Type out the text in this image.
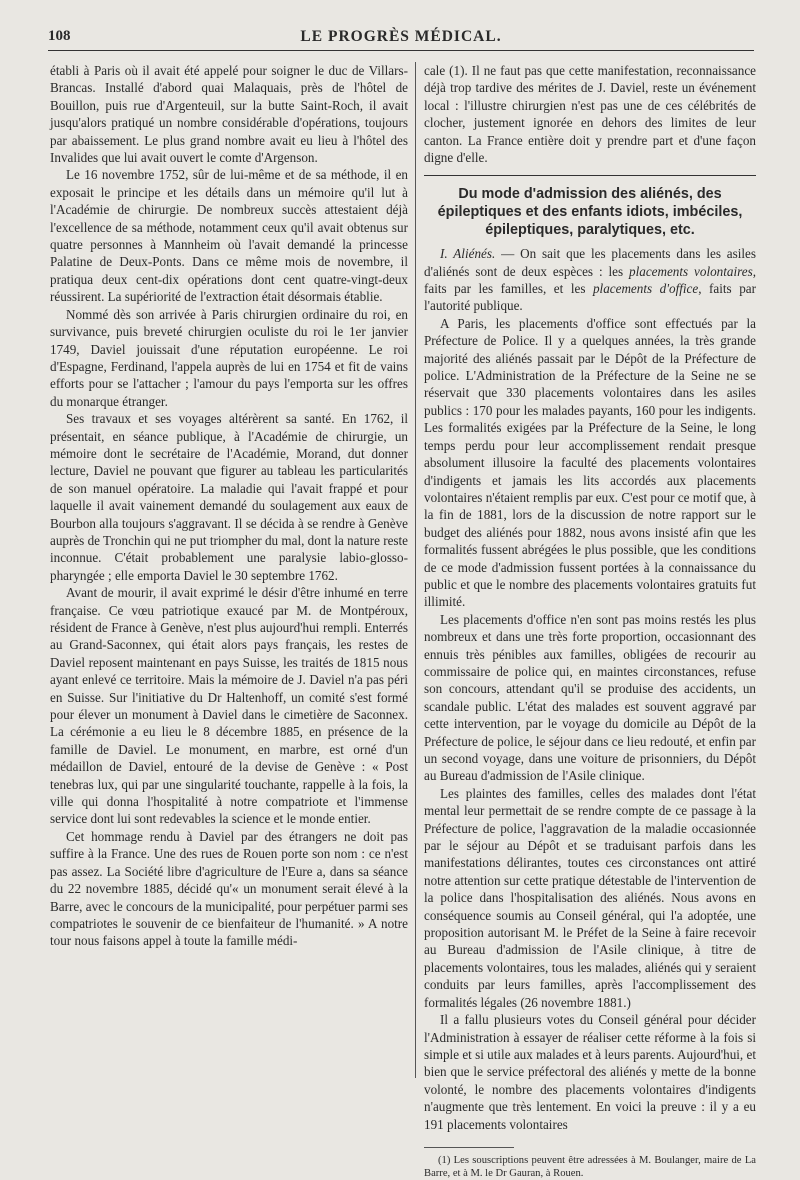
108	LE PROGRÈS MÉDICAL.

établi à Paris où il avait été appelé pour soigner le duc de Villars-Brancas. Installé d'abord quai Malaquais, près de l'hôtel de Bouillon, puis rue d'Argenteuil, sur la butte Saint-Roch, il avait jusqu'alors pratiqué un nombre considérable d'opérations, toujours par abaissement. Le plus grand nombre avait eu lieu à l'hôtel des Invalides que lui avait ouvert le comte d'Argenson.

Le 16 novembre 1752, sûr de lui-même et de sa méthode, il en exposait le principe et les détails dans un mémoire qu'il lut à l'Académie de chirurgie. De nombreux succès attestaient déjà l'excellence de sa méthode, notamment ceux qu'il avait obtenus sur quatre personnes à Mannheim où l'avait demandé la princesse Palatine de Deux-Ponts. Dans ce même mois de novembre, il pratiqua deux cent-dix opérations dont cent quatre-vingt-deux réussirent. La supériorité de l'extraction était désormais établie.

Nommé dès son arrivée à Paris chirurgien ordinaire du roi, en survivance, puis breveté chirurgien oculiste du roi le 1er janvier 1749, Daviel jouissait d'une réputation européenne. Le roi d'Espagne, Ferdinand, l'appela auprès de lui en 1754 et fit de vains efforts pour se l'attacher ; l'amour du pays l'emporta sur les offres du monarque étranger.

Ses travaux et ses voyages altérèrent sa santé. En 1762, il présentait, en séance publique, à l'Académie de chirurgie, un mémoire dont le secrétaire de l'Académie, Morand, dut donner lecture, Daviel ne pouvant que figurer au tableau les particularités de son manuel opératoire. La maladie qui l'avait frappé et pour laquelle il avait vainement demandé du soulagement aux eaux de Bourbon alla toujours s'aggravant. Il se décida à se rendre à Genève auprès de Tronchin qui ne put triompher du mal, dont la nature reste inconnue. C'était probablement une paralysie labio-glosso-pharyngée ; elle emporta Daviel le 30 septembre 1762.

Avant de mourir, il avait exprimé le désir d'être inhumé en terre française. Ce vœu patriotique exaucé par M. de Montpéroux, résident de France à Genève, n'est plus aujourd'hui rempli. Enterrés au Grand-Saconnex, qui était alors pays français, les restes de Daviel reposent maintenant en pays Suisse, les traités de 1815 nous ayant enlevé ce territoire. Mais la mémoire de J. Daviel n'a pas péri en Suisse. Sur l'initiative du Dr Haltenhoff, un comité s'est formé pour élever un monument à Daviel dans le cimetière de Saconnex. La cérémonie a eu lieu le 8 décembre 1885, en présence de la famille de Daviel. Le monument, en marbre, est orné d'un médaillon de Daviel, entouré de la devise de Genève : « Post tenebras lux, qui par une singularité touchante, rappelle à la fois, la ville qui donna l'hospitalité à notre compatriote et l'immense service dont lui sont redevables la science et le monde entier.

Cet hommage rendu à Daviel par des étrangers ne doit pas suffire à la France. Une des rues de Rouen porte son nom : ce n'est pas assez. La Société libre d'agriculture de l'Eure a, dans sa séance du 22 novembre 1885, décidé qu'« un monument serait élevé à la Barre, avec le concours de la municipalité, pour perpétuer parmi ses compatriotes le souvenir de ce bienfaiteur de l'humanité. » A notre tour nous faisons appel à toute la famille médi-

cale (1). Il ne faut pas que cette manifestation, reconnaissance déjà trop tardive des mérites de J. Daviel, reste un événement local : l'illustre chirurgien n'est pas une de ces célébrités de clocher, justement ignorée en dehors des limites de leur canton. La France entière doit y prendre part et d'une façon digne d'elle.

Du mode d'admission des aliénés, des épileptiques et des enfants idiots, imbéciles, épileptiques, paralytiques, etc.

I. Aliénés. — On sait que les placements dans les asiles d'aliénés sont de deux espèces : les placements volontaires, faits par les familles, et les placements d'office, faits par l'autorité publique.

A Paris, les placements d'office sont effectués par la Préfecture de Police. Il y a quelques années, la très grande majorité des aliénés passait par le Dépôt de la Préfecture de police. L'Administration de la Préfecture de la Seine ne se réservait que 330 placements volontaires dans les asiles publics : 170 pour les malades payants, 160 pour les indigents. Les formalités exigées par la Préfecture de la Seine, le long temps perdu pour leur accomplissement rendait presque absolument illusoire la faculté des placements volontaires d'indigents et jamais les lits accordés aux placements volontaires n'étaient remplis par eux. C'est pour ce motif que, à la fin de 1881, lors de la discussion de notre rapport sur le budget des aliénés pour 1882, nous avons insisté afin que les formalités fussent abrégées le plus possible, que les conditions de ce mode d'admission fussent portées à la connaissance du public et que le nombre des placements volontaires gratuits fut illimité.

Les placements d'office n'en sont pas moins restés les plus nombreux et dans une très forte proportion, occasionnant des ennuis très pénibles aux familles, obligées de recourir au commissaire de police qui, en maintes circonstances, refuse son concours, attendant qu'il se produise des accidents, un scandale public. L'état des malades est souvent aggravé par cette intervention, par le voyage du domicile au Dépôt de la Préfecture de police, le séjour dans ce lieu redouté, et enfin par un second voyage, dans une voiture de prisonniers, du Dépôt au Bureau d'admission de l'Asile clinique.

Les plaintes des familles, celles des malades dont l'état mental leur permettait de se rendre compte de ce passage à la Préfecture de police, l'aggravation de la maladie occasionnée par le séjour au Dépôt et se traduisant parfois dans les manifestations délirantes, toutes ces circonstances ont attiré notre attention sur cette pratique détestable de l'intervention de la police dans l'hospitalisation des aliénés. Nous avons en conséquence soumis au Conseil général, qui l'a adoptée, une proposition autorisant M. le Préfet de la Seine à faire recevoir au Bureau d'admission de l'Asile clinique, à titre de placements volontaires, tous les malades, aliénés qui y seraient conduits par leurs familles, après l'accomplissement des formalités légales (26 novembre 1881.)

Il a fallu plusieurs votes du Conseil général pour décider l'Administration à essayer de réaliser cette réforme à la fois si simple et si utile aux malades et à leurs parents. Aujourd'hui, et bien que le service préfectoral des aliénés y mette de la bonne volonté, le nombre des placements volontaires d'indigents n'augmente que très lentement. En voici la preuve : il y a eu 191 placements volontaires

(1) Les souscriptions peuvent être adressées à M. Boulanger, maire de La Barre, et à M. le Dr Gauran, à Rouen.
